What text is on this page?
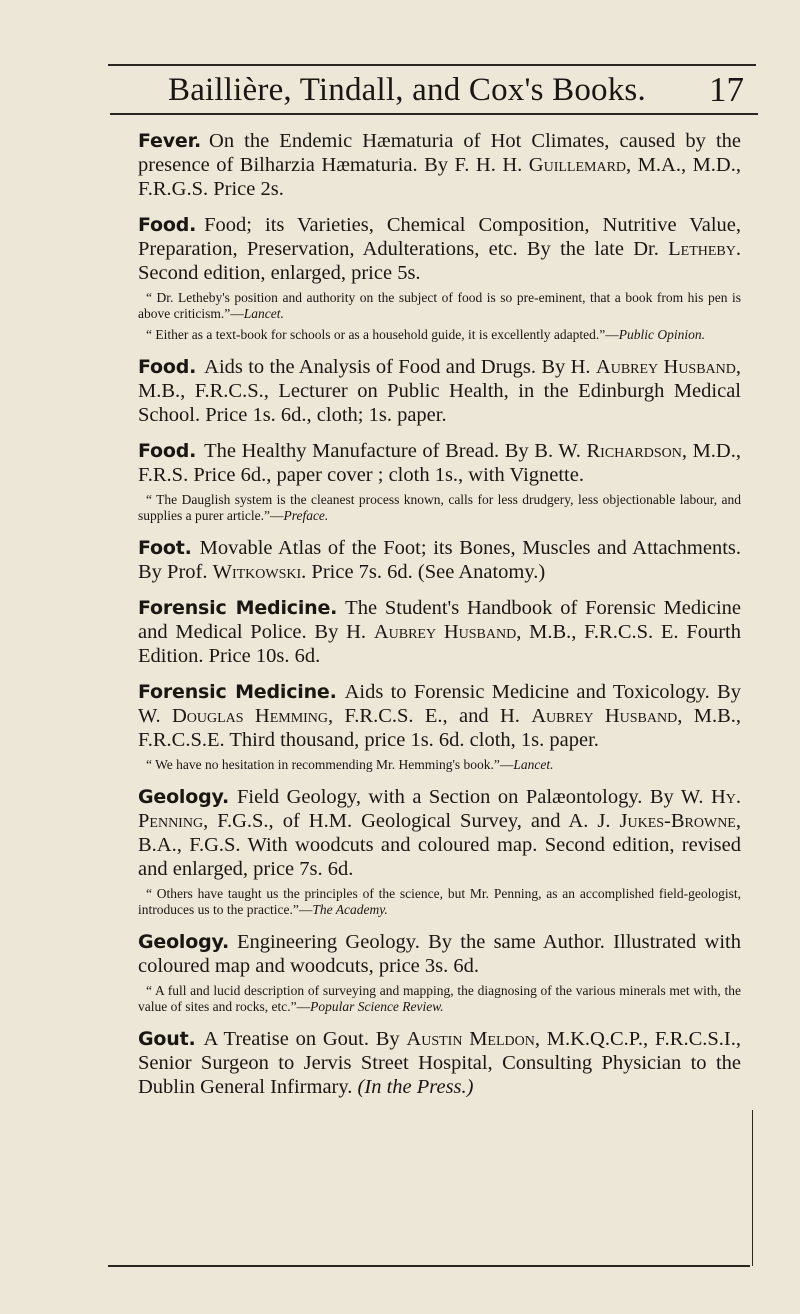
Baillière, Tindall, and Cox's Books. 17

Fever. On the Endemic Hæmaturia of Hot Climates, caused by the presence of Bilharzia Hæmaturia. By F. H. H. Guillemard, M.A., M.D., F.R.G.S. Price 2s.

Food. Food; its Varieties, Chemical Composition, Nutritive Value, Preparation, Preservation, Adulterations, etc. By the late Dr. Letheby. Second edition, enlarged, price 5s.

“ Dr. Letheby's position and authority on the subject of food is so pre-eminent, that a book from his pen is above criticism.”—Lancet.

“ Either as a text-book for schools or as a household guide, it is excellently adapted.”—Public Opinion.

Food. Aids to the Analysis of Food and Drugs. By H. Aubrey Husband, M.B., F.R.C.S., Lecturer on Public Health, in the Edinburgh Medical School. Price 1s. 6d., cloth; 1s. paper.

Food. The Healthy Manufacture of Bread. By B. W. Richardson, M.D., F.R.S. Price 6d., paper cover ; cloth 1s., with Vignette.

“ The Dauglish system is the cleanest process known, calls for less drudgery, less objectionable labour, and supplies a purer article.”—Preface.

Foot. Movable Atlas of the Foot; its Bones, Muscles and Attachments. By Prof. Witkowski. Price 7s. 6d. (See Anatomy.)

Forensic Medicine. The Student's Handbook of Forensic Medicine and Medical Police. By H. Aubrey Husband, M.B., F.R.C.S. E. Fourth Edition. Price 10s. 6d.

Forensic Medicine. Aids to Forensic Medicine and Toxicology. By W. Douglas Hemming, F.R.C.S. E., and H. Aubrey Husband, M.B., F.R.C.S.E. Third thousand, price 1s. 6d. cloth, 1s. paper.

“ We have no hesitation in recommending Mr. Hemming's book.”—Lancet.

Geology. Field Geology, with a Section on Palæontology. By W. Hy. Penning, F.G.S., of H.M. Geological Survey, and A. J. Jukes-Browne, B.A., F.G.S. With woodcuts and coloured map. Second edition, revised and enlarged, price 7s. 6d.

“ Others have taught us the principles of the science, but Mr. Penning, as an accomplished field-geologist, introduces us to the practice.”—The Academy.

Geology. Engineering Geology. By the same Author. Illustrated with coloured map and woodcuts, price 3s. 6d.

“ A full and lucid description of surveying and mapping, the diagnosing of the various minerals met with, the value of sites and rocks, etc.”—Popular Science Review.

Gout. A Treatise on Gout. By Austin Meldon, M.K.Q.C.P., F.R.C.S.I., Senior Surgeon to Jervis Street Hospital, Consulting Physician to the Dublin General Infirmary. (In the Press.)
